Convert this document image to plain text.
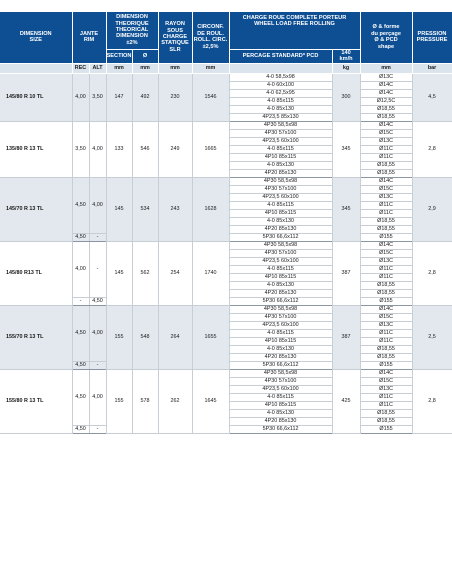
DIMENSION
SIZE	JANTE
RIM		DIMENSION
THEORIQUE
THEORICAL
DIMENSION
±2%		RAYON
SOUS
CHARGE
STATIQUE
SLR	CIRCONF.
DE ROUL.
ROLL. CIRC.
±2,5%	CHARGE ROUE COMPLETE PORTEUR
WHEEL LOAD FREE ROLLING		Ø & forme
du perçage
Ø & PCD
shape	PRESSION
PRESSURE
			SECTION	Ø			PERCAGE STANDARD* PCD	140
km/h		
	REC	ALT	mm	mm	mm	mm		kg	mm	bar
145/80 R 10 TL	4,00	3,50	147	492	230	1546	4-0 58,5x98	300	Ø13C	4,5
							4-0 60x100		Ø14C	
							4-0 62,5x95		Ø14C	
							4-0 85x115		Ø12,5C	
							4-0 85x130		Ø18,55	
							4P23,5 85x130		Ø18,55	
135/80 R 13 TL	3,50	4,00	133	546	249	1665	4P30 58,5x98	345	Ø14C	2,8
							4P30 57x100		Ø15C	
							4P23,5 60x100		Ø13C	
							4-0 85x115		Ø11C	
							4P10 85x115		Ø11C	
							4-0 85x130		Ø18,55	
							4P20 85x130		Ø18,55	
145/70 R 13 TL	4,50	4,00	145	534	243	1628	4P30 58,5x98	345	Ø14C	2,9
							4P30 57x100		Ø15C	
							4P23,5 60x100		Ø13C	
							4-0 85x115		Ø11C	
							4P10 85x115		Ø11C	
							4-0 85x130		Ø18,55	
							4P20 85x130		Ø18,55	
	4,50	-					5P30 66,6x112		Ø155	
145/80 R13 TL	4,00	-	145	562	254	1740	4P30 58,5x98	387	Ø14C	2,8
							4P30 57x100		Ø15C	
							4P23,5 60x100		Ø13C	
							4-0 85x115		Ø11C	
							4P10 85x115		Ø11C	
							4-0 85x130		Ø18,55	
							4P20 85x130		Ø18,55	
	-	4,50					5P30 66,6x112		Ø155	
155/70 R 13 TL	4,50	4,00	155	548	264	1655	4P30 58,5x98	387	Ø14C	2,5
							4P30 57x100		Ø15C	
							4P23,5 60x100		Ø13C	
							4-0 85x115		Ø11C	
							4P10 85x115		Ø11C	
							4-0 85x130		Ø18,55	
							4P20 85x130		Ø18,55	
	4,50	-					5P30 66,6x112		Ø155	
155/80 R 13 TL	4,50	4,00	155	578	262	1645	4P30 58,5x98	425	Ø14C	2,8
							4P30 57x100		Ø15C	
							4P23,5 60x100		Ø13C	
							4-0 85x115		Ø11C	
							4P10 85x115		Ø11C	
							4-0 85x130		Ø18,55	
							4P20 85x130		Ø18,55	
	4,50	-					5P30 66,6x112		Ø155	
